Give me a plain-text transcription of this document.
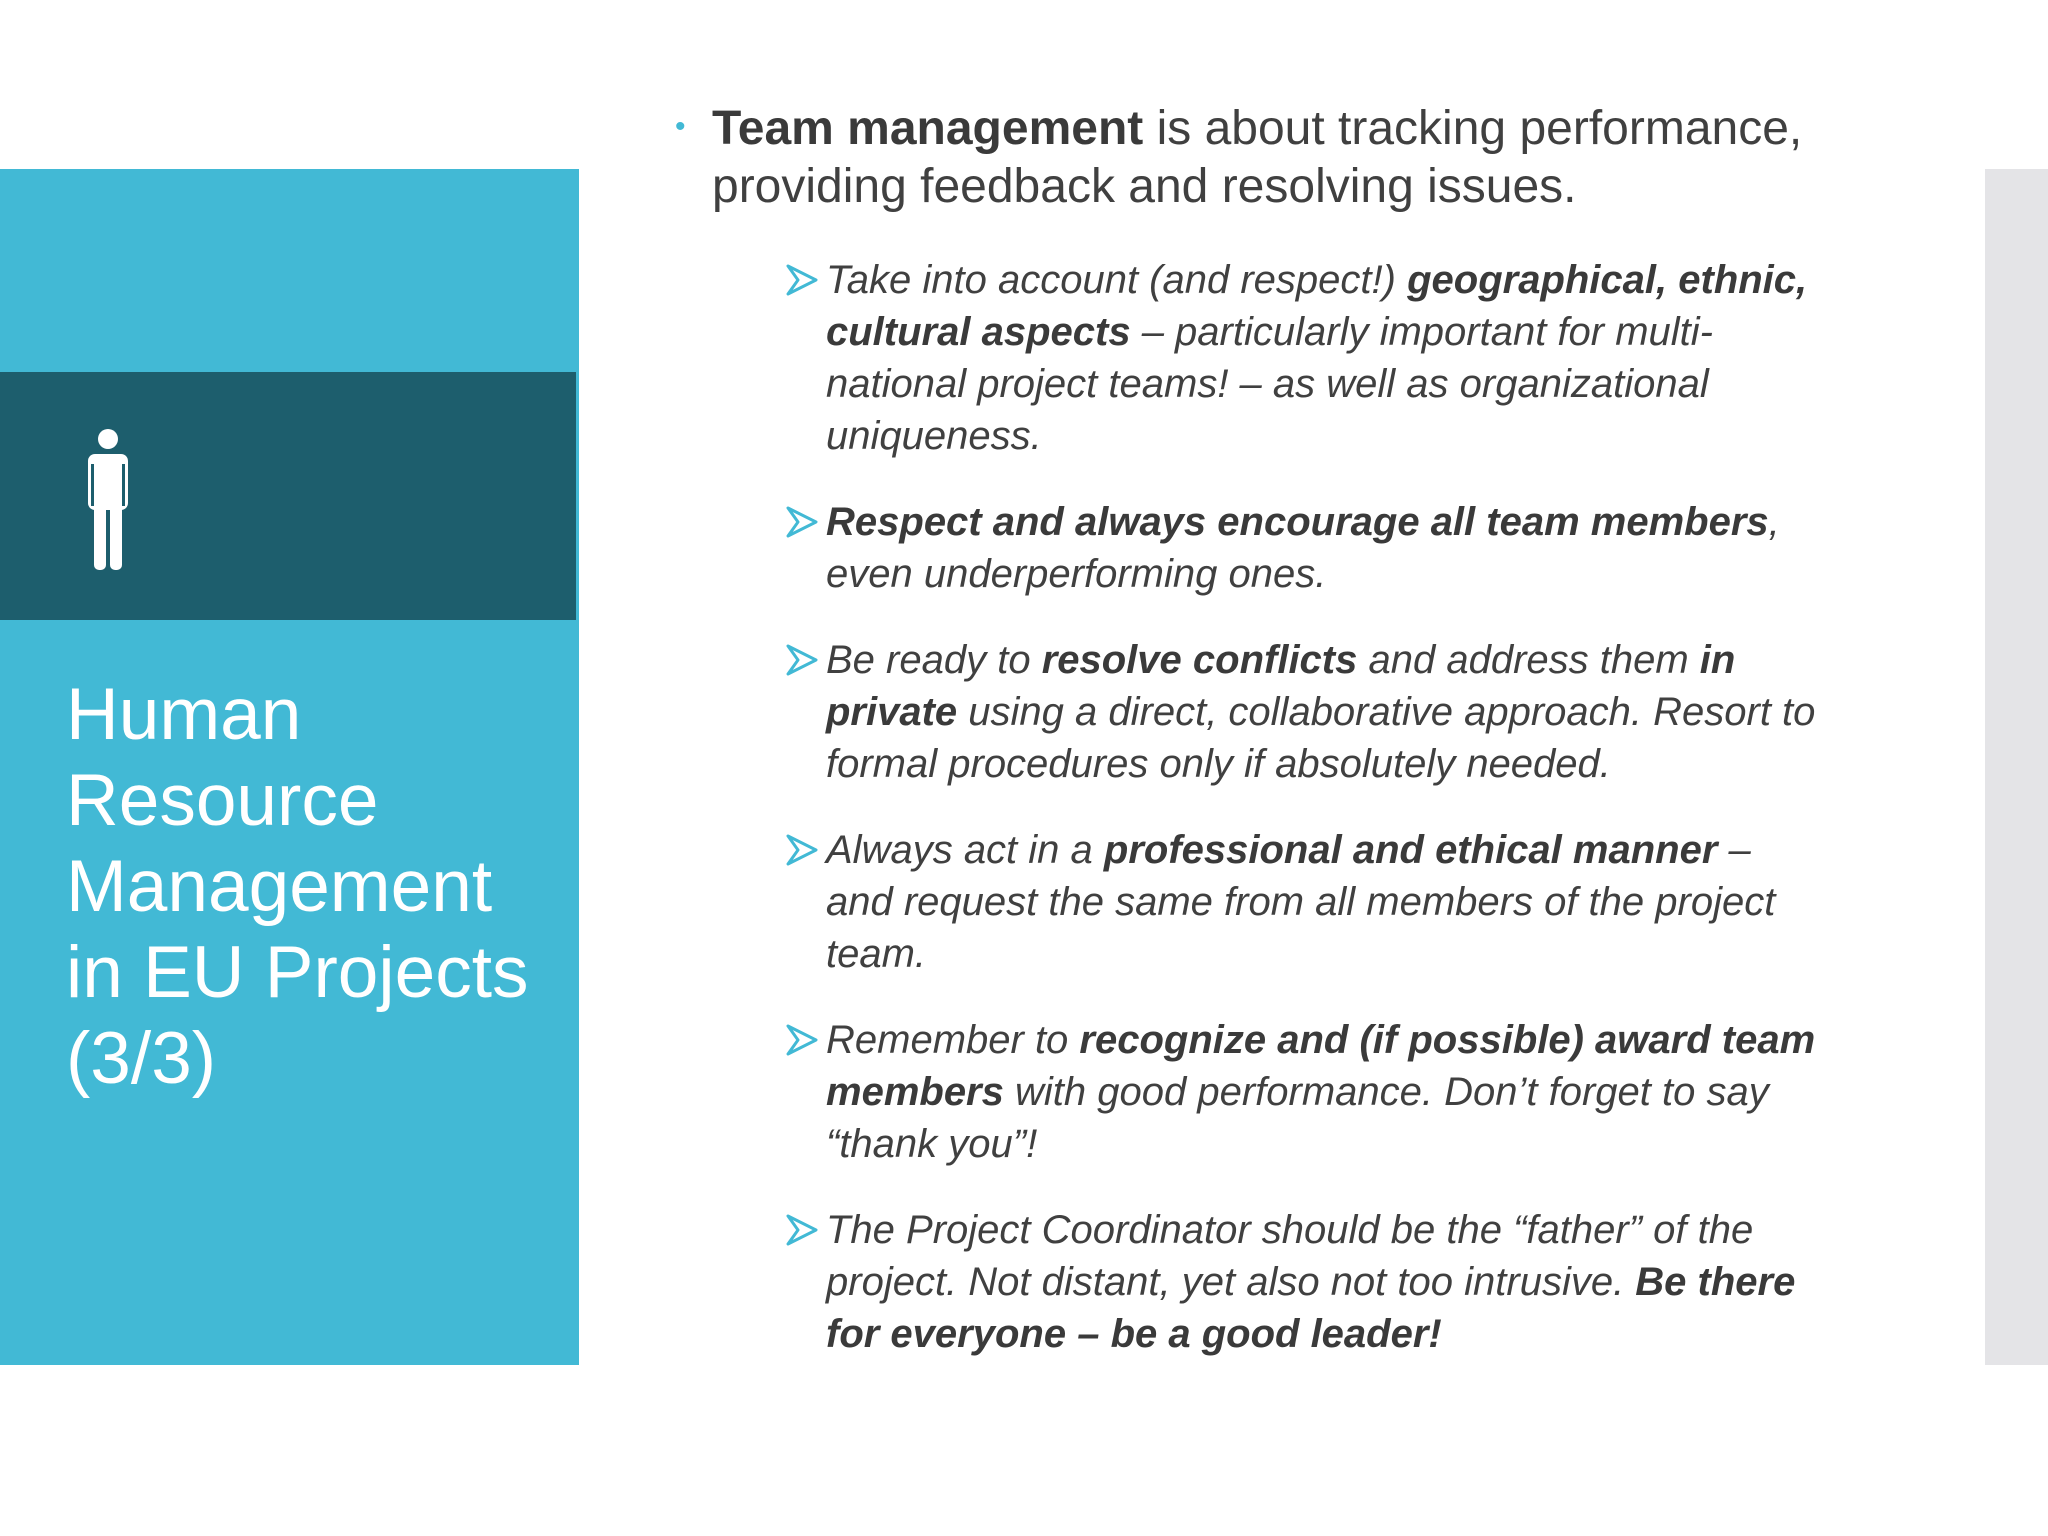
Human
Resource
Management
in EU Projects
(3/3)
• Team management is about tracking performance, providing feedback and resolving issues.
Take into account (and respect!) geographical, ethnic, cultural aspects – particularly important for multi-national project teams! – as well as organizational uniqueness.
Respect and always encourage all team members, even underperforming ones.
Be ready to resolve conflicts and address them in private using a direct, collaborative approach. Resort to formal procedures only if absolutely needed.
Always act in a professional and ethical manner – and request the same from all members of the project team.
Remember to recognize and (if possible) award team members with good performance. Don’t forget to say “thank you”!
The Project Coordinator should be the “father” of the project. Not distant, yet also not too intrusive. Be there for everyone – be a good leader!
